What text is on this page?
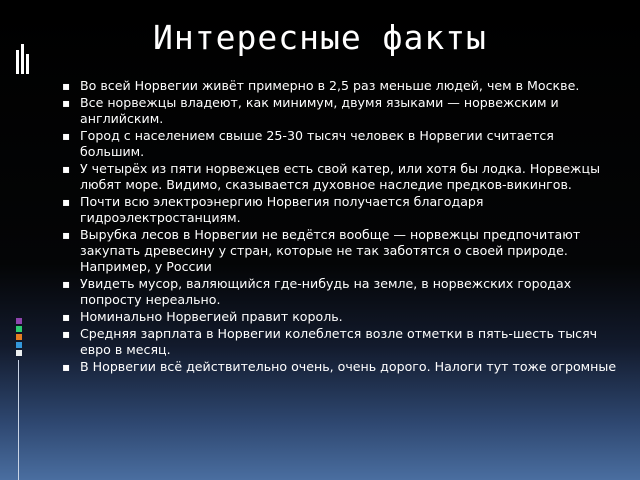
Интересные факты
▪ Во всей Норвегии живёт примерно в 2,5 раз меньше людей, чем в Москве.
▪ Все норвежцы владеют, как минимум, двумя языками — норвежским и английским.
▪ Город с населением свыше 25-30 тысяч человек в Норвегии считается большим.
▪ У четырёх из пяти норвежцев есть свой катер, или хотя бы лодка. Норвежцы любят море. Видимо, сказывается духовное наследие предков-викингов.
▪ Почти всю электроэнергию Норвегия получается благодаря гидроэлектростанциям.
▪ Вырубка лесов в Норвегии не ведётся вообще — норвежцы предпочитают закупать древесину у стран, которые не так заботятся о своей природе. Например, у России
▪ Увидеть мусор, валяющийся где-нибудь на земле, в норвежских городах попросту нереально.
▪ Номинально Норвегией правит король.
▪ Средняя зарплата в Норвегии колеблется возле отметки в пять-шесть тысяч евро в месяц.
▪ В Норвегии всё действительно очень, очень дорого. Налоги тут тоже огромные
